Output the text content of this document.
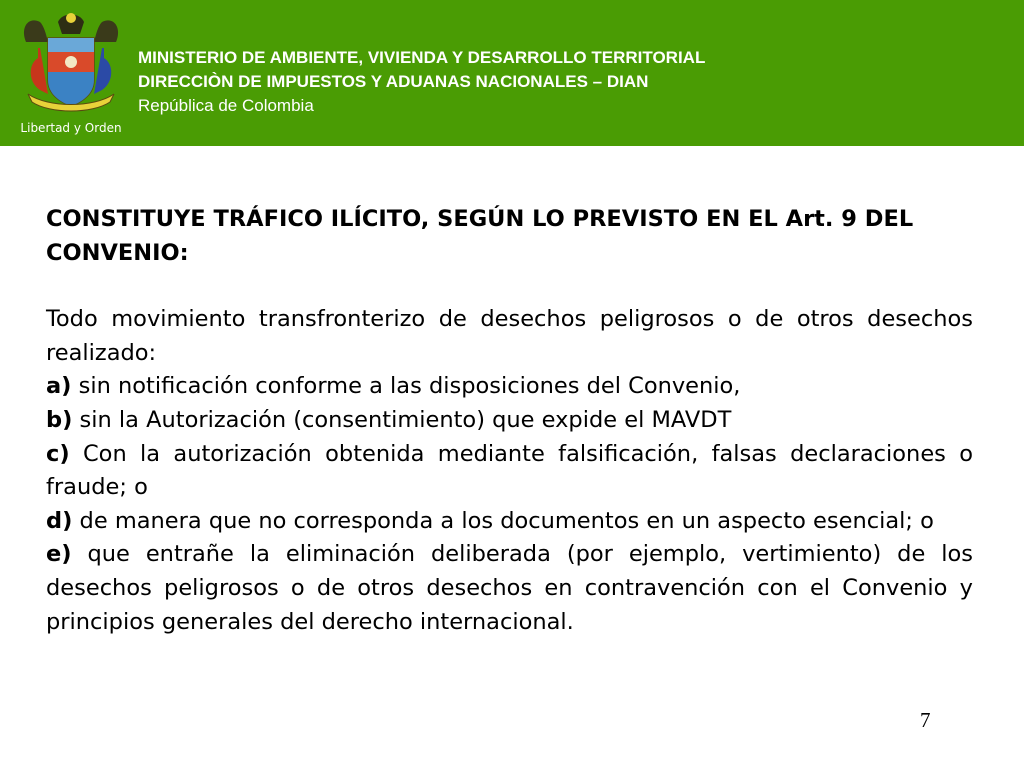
Libertad y Orden
MINISTERIO DE AMBIENTE, VIVIENDA Y DESARROLLO TERRITORIAL
DIRECCIÒN DE IMPUESTOS Y ADUANAS NACIONALES – DIAN
República de Colombia
CONSTITUYE TRÁFICO ILÍCITO, SEGÚN LO PREVISTO EN EL Art. 9 DEL CONVENIO:
Todo movimiento transfronterizo de desechos peligrosos o de otros desechos realizado:
a) sin notificación conforme a las disposiciones del Convenio,
b) sin la Autorización (consentimiento) que expide el MAVDT
c) Con la autorización obtenida mediante falsificación, falsas declaraciones o fraude; o
d) de manera que no corresponda a los documentos en un aspecto esencial; o
e) que entrañe la eliminación deliberada (por ejemplo, vertimiento) de los desechos peligrosos o de otros desechos en contravención con el Convenio y principios generales del derecho internacional.
7
